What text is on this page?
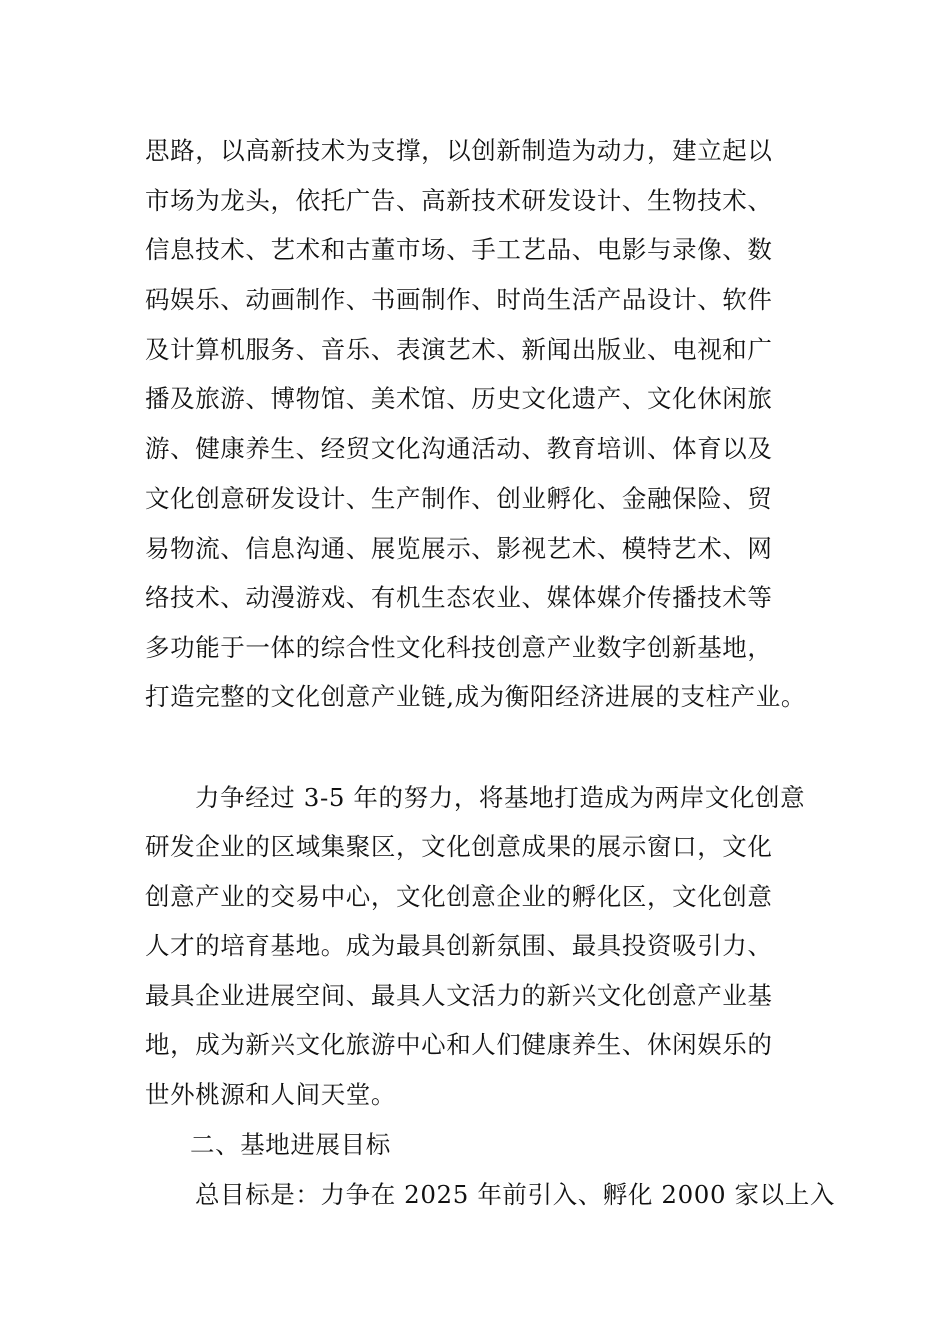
思路，以高新技术为支撑，以创新制造为动力，建立起以
市场为龙头，依托广告、高新技术研发设计、生物技术、
信息技术、艺术和古董市场、手工艺品、电影与录像、数
码娱乐、动画制作、书画制作、时尚生活产品设计、软件
及计算机服务、音乐、表演艺术、新闻出版业、电视和广
播及旅游、博物馆、美术馆、历史文化遗产、文化休闲旅
游、健康养生、经贸文化沟通活动、教育培训、体育以及
文化创意研发设计、生产制作、创业孵化、金融保险、贸
易物流、信息沟通、展览展示、影视艺术、模特艺术、网
络技术、动漫游戏、有机生态农业、媒体媒介传播技术等
多功能于一体的综合性文化科技创意产业数字创新基地，
打造完整的文化创意产业链,成为衡阳经济进展的支柱产业。
力争经过 3-5 年的努力，将基地打造成为两岸文化创意
研发企业的区域集聚区，文化创意成果的展示窗口，文化
创意产业的交易中心，文化创意企业的孵化区，文化创意
人才的培育基地。成为最具创新氛围、最具投资吸引力、
最具企业进展空间、最具人文活力的新兴文化创意产业基
地，成为新兴文化旅游中心和人们健康养生、休闲娱乐的
世外桃源和人间天堂。
二、基地进展目标
总目标是：力争在 2025 年前引入、孵化 2000 家以上入
